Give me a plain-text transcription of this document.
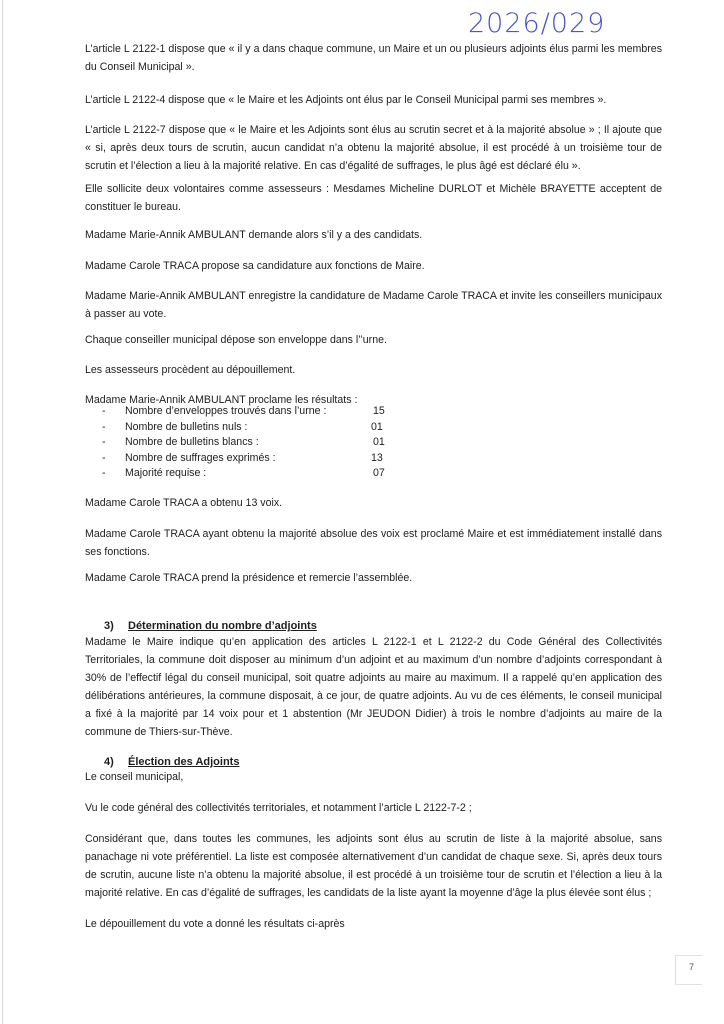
2026/029

L’article L 2122-1 dispose que « il y a dans chaque commune, un Maire et un ou plusieurs adjoints élus parmi les membres du Conseil Municipal ».

L’article L 2122-4 dispose que « le Maire et les Adjoints ont élus par le Conseil Municipal parmi ses membres ».

L’article L 2122-7 dispose que « le Maire et les Adjoints sont élus au scrutin secret et à la majorité absolue » ; Il ajoute que « si, après deux tours de scrutin, aucun candidat n’a obtenu la majorité absolue, il est procédé à un troisième tour de scrutin et l’élection a lieu à la majorité relative. En cas d’égalité de suffrages, le plus âgé est déclaré élu ».

Elle sollicite deux volontaires comme assesseurs : Mesdames Micheline DURLOT et Michèle BRAYETTE acceptent de constituer le bureau.

Madame Marie-Annik AMBULANT demande alors s’il y a des candidats.

Madame Carole TRACA propose sa candidature aux fonctions de Maire.

Madame Marie-Annik AMBULANT enregistre la candidature de Madame Carole TRACA et invite les conseillers municipaux à passer au vote.

Chaque conseiller municipal dépose son enveloppe dans l’’urne.

Les assesseurs procèdent au dépouillement.

Madame Marie-Annik AMBULANT proclame les résultats :

- Nombre d’enveloppes trouvés dans l’urne :	15
- Nombre de bulletins nuls :	01
- Nombre de bulletins blancs :	01
- Nombre de suffrages exprimés :	13
- Majorité requise :	07

Madame Carole TRACA a obtenu 13 voix.

Madame Carole TRACA ayant obtenu la majorité absolue des voix est proclamé Maire et est immédiatement installé dans ses fonctions.

Madame Carole TRACA prend la présidence et remercie l’assemblée.

3) Détermination du nombre d’adjoints

Madame le Maire indique qu’en application des articles L 2122-1 et L 2122-2 du Code Général des Collectivités Territoriales, la commune doit disposer au minimum d’un adjoint et au maximum d’un nombre d’adjoints correspondant à 30% de l’effectif légal du conseil municipal, soit quatre adjoints au maire au maximum. Il a rappelé qu’en application des délibérations antérieures, la commune disposait, à ce jour, de quatre adjoints. Au vu de ces éléments, le conseil municipal a fixé à la majorité par 14 voix pour et 1 abstention (Mr JEUDON Didier) à trois le nombre d’adjoints au maire de la commune de Thiers-sur-Thève.

4) Élection des Adjoints

Le conseil municipal,

Vu le code général des collectivités territoriales, et notamment l’article L 2122-7-2 ;

Considérant que, dans toutes les communes, les adjoints sont élus au scrutin de liste à la majorité absolue, sans panachage ni vote préférentiel. La liste est composée alternativement d’un candidat de chaque sexe. Si, après deux tours de scrutin, aucune liste n’a obtenu la majorité absolue, il est procédé à un troisième tour de scrutin et l’élection a lieu à la majorité relative. En cas d’égalité de suffrages, les candidats de la liste ayant la moyenne d’âge la plus élevée sont élus ;

Le dépouillement du vote a donné les résultats ci-après

7
